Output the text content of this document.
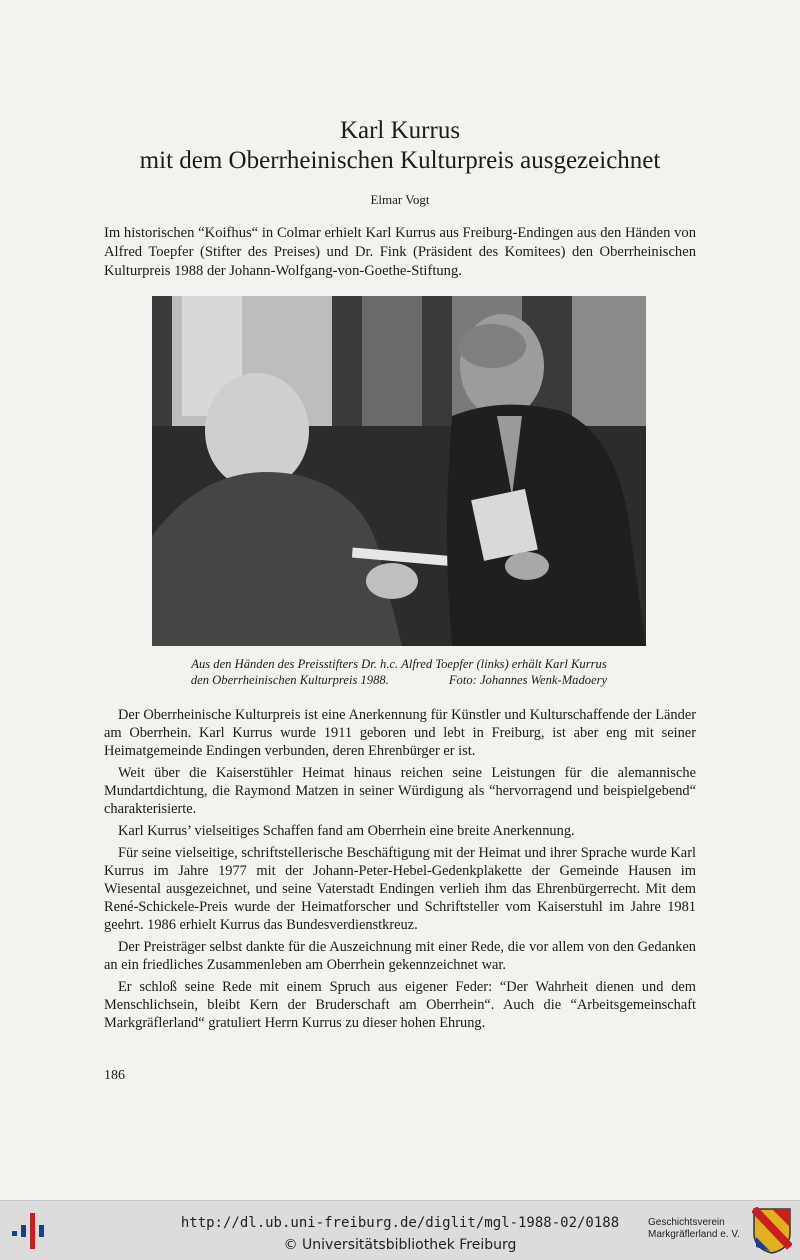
Karl Kurrus
mit dem Oberrheinischen Kulturpreis ausgezeichnet
Elmar Vogt
Im historischen “Koifhus“ in Colmar erhielt Karl Kurrus aus Freiburg-Endingen aus den Händen von Alfred Toepfer (Stifter des Preises) und Dr. Fink (Präsident des Komitees) den Oberrheinischen Kulturpreis 1988 der Johann-Wolfgang-von-Goethe-Stiftung.
Aus den Händen des Preisstifters Dr. h.c. Alfred Toepfer (links) erhält Karl Kurrus
den Oberrheinischen Kulturpreis 1988.	Foto: Johannes Wenk-Madoery

Der Oberrheinische Kulturpreis ist eine Anerkennung für Künstler und Kulturschaffende der Länder am Oberrhein. Karl Kurrus wurde 1911 geboren und lebt in Freiburg, ist aber eng mit seiner Heimatgemeinde Endingen verbunden, deren Ehrenbürger er ist.

Weit über die Kaiserstühler Heimat hinaus reichen seine Leistungen für die alemannische Mundartdichtung, die Raymond Matzen in seiner Würdigung als “hervorragend und beispielgebend“ charakterisierte.

Karl Kurrus’ vielseitiges Schaffen fand am Oberrhein eine breite Anerkennung.

Für seine vielseitige, schriftstellerische Beschäftigung mit der Heimat und ihrer Sprache wurde Karl Kurrus im Jahre 1977 mit der Johann-Peter-Hebel-Gedenkplakette der Gemeinde Hausen im Wiesental ausgezeichnet, und seine Vaterstadt Endingen verlieh ihm das Ehrenbürgerrecht. Mit dem René-Schickele-Preis wurde der Heimatforscher und Schriftsteller vom Kaiserstuhl im Jahre 1981 geehrt. 1986 erhielt Kurrus das Bundesverdienstkreuz.

Der Preisträger selbst dankte für die Auszeichnung mit einer Rede, die vor allem von den Gedanken an ein friedliches Zusammenleben am Oberrhein gekennzeichnet war.

Er schloß seine Rede mit einem Spruch aus eigener Feder: “Der Wahrheit dienen und dem Menschlichsein, bleibt Kern der Bruderschaft am Oberrhein“. Auch die “Arbeitsgemeinschaft Markgräflerland“ gratuliert Herrn Kurrus zu dieser hohen Ehrung.

186
http://dl.ub.uni-freiburg.de/diglit/mgl-1988-02/0188
© Universitätsbibliothek Freiburg
Geschichtsverein
Markgräflerland e. V.
